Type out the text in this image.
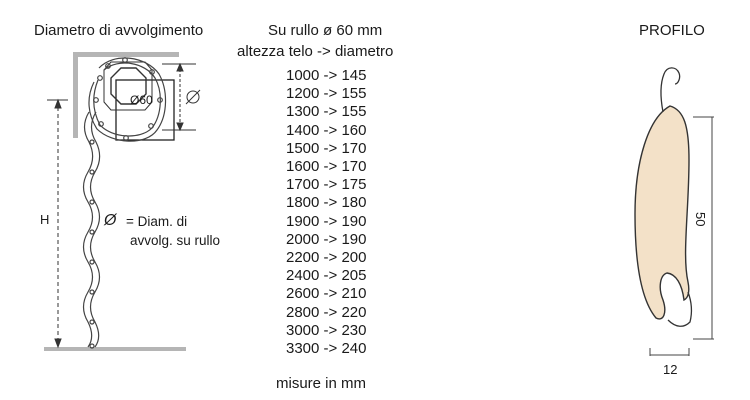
Diametro di avvolgimento	Su rullo ø 60 mm
altezza telo -> diametro
PROFILO
1000 -> 145
1200 -> 155
1300 -> 155
1400 -> 160
1500 -> 170
1600 -> 170
1700 -> 175
1800 -> 180
1900 -> 190
2000 -> 190
2200 -> 200
2400 -> 205
2600 -> 210
2800 -> 220
3000 -> 230
3300 -> 240
misure in mm
Ø60
H	Ø = Diam. di
avvolg. su rullo
50
12
